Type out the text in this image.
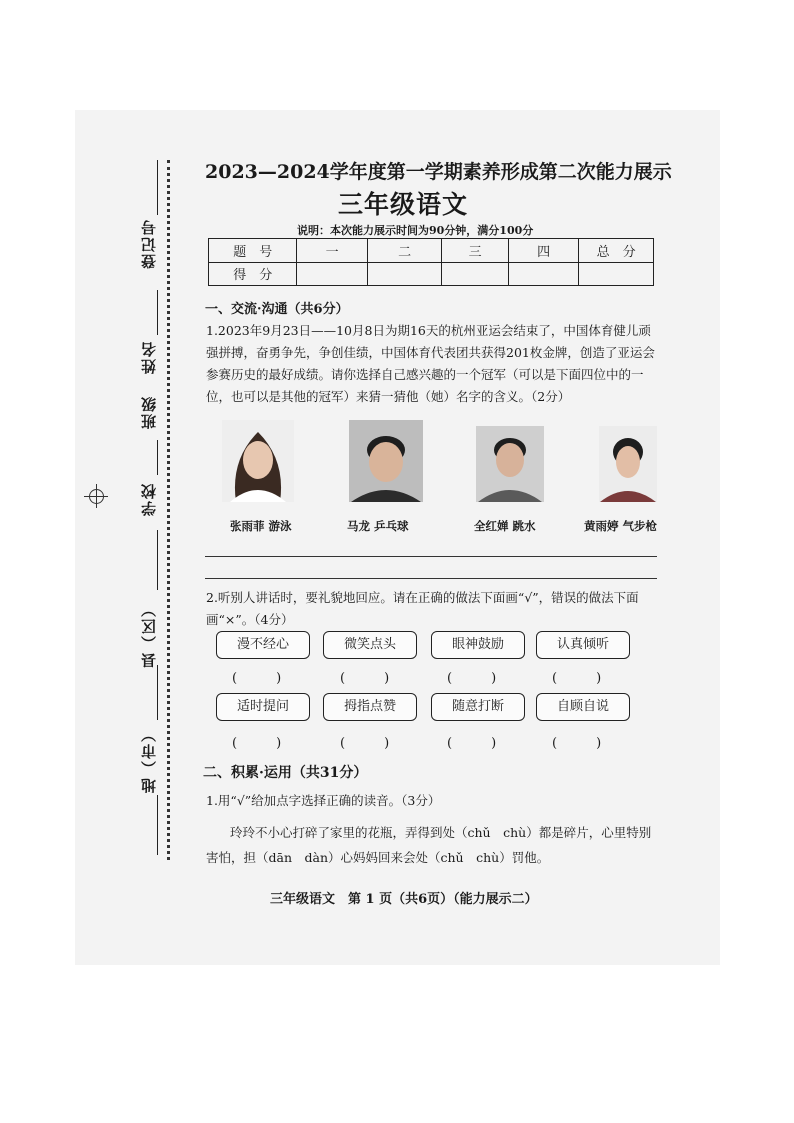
登记号
姓名
班级
学校
县（区）
地（市）
2023—2024学年度第一学期素养形成第二次能力展示
三年级语文
说明：本次能力展示时间为90分钟，满分100分
题　号	一	二	三	四	总　分
得　分					
一、交流·沟通（共6分）
1.2023年9月23日——10月8日为期16天的杭州亚运会结束了，中国体育健儿顽强拼搏，奋勇争先，争创佳绩，中国体育代表团共获得201枚金牌，创造了亚运会参赛历史的最好成绩。请你选择自己感兴趣的一个冠军（可以是下面四位中的一位，也可以是其他的冠军）来猜一猜他（她）名字的含义。（2分）
张雨菲 游泳	马龙 乒乓球	全红婵 跳水	黄雨婷 气步枪
2.听别人讲话时，要礼貌地回应。请在正确的做法下面画“√”，错误的做法下面画“×”。（4分）
漫不经心	微笑点头	眼神鼓励	认真倾听
(　　　)	(　　　)	(　　　)	(　　　)
适时提问	拇指点赞	随意打断	自顾自说
(　　　)	(　　　)	(　　　)	(　　　)
二、积累·运用（共31分）
1.用“√”给加点字选择正确的读音。（3分）
玲玲不小心打碎了家里的花瓶，弄得到处（chǔ　chù）都是碎片，心里特别
害怕，担（dān　dàn）心妈妈回来会处（chǔ　chù）罚他。
三年级语文　第 1 页（共6页）（能力展示二）
